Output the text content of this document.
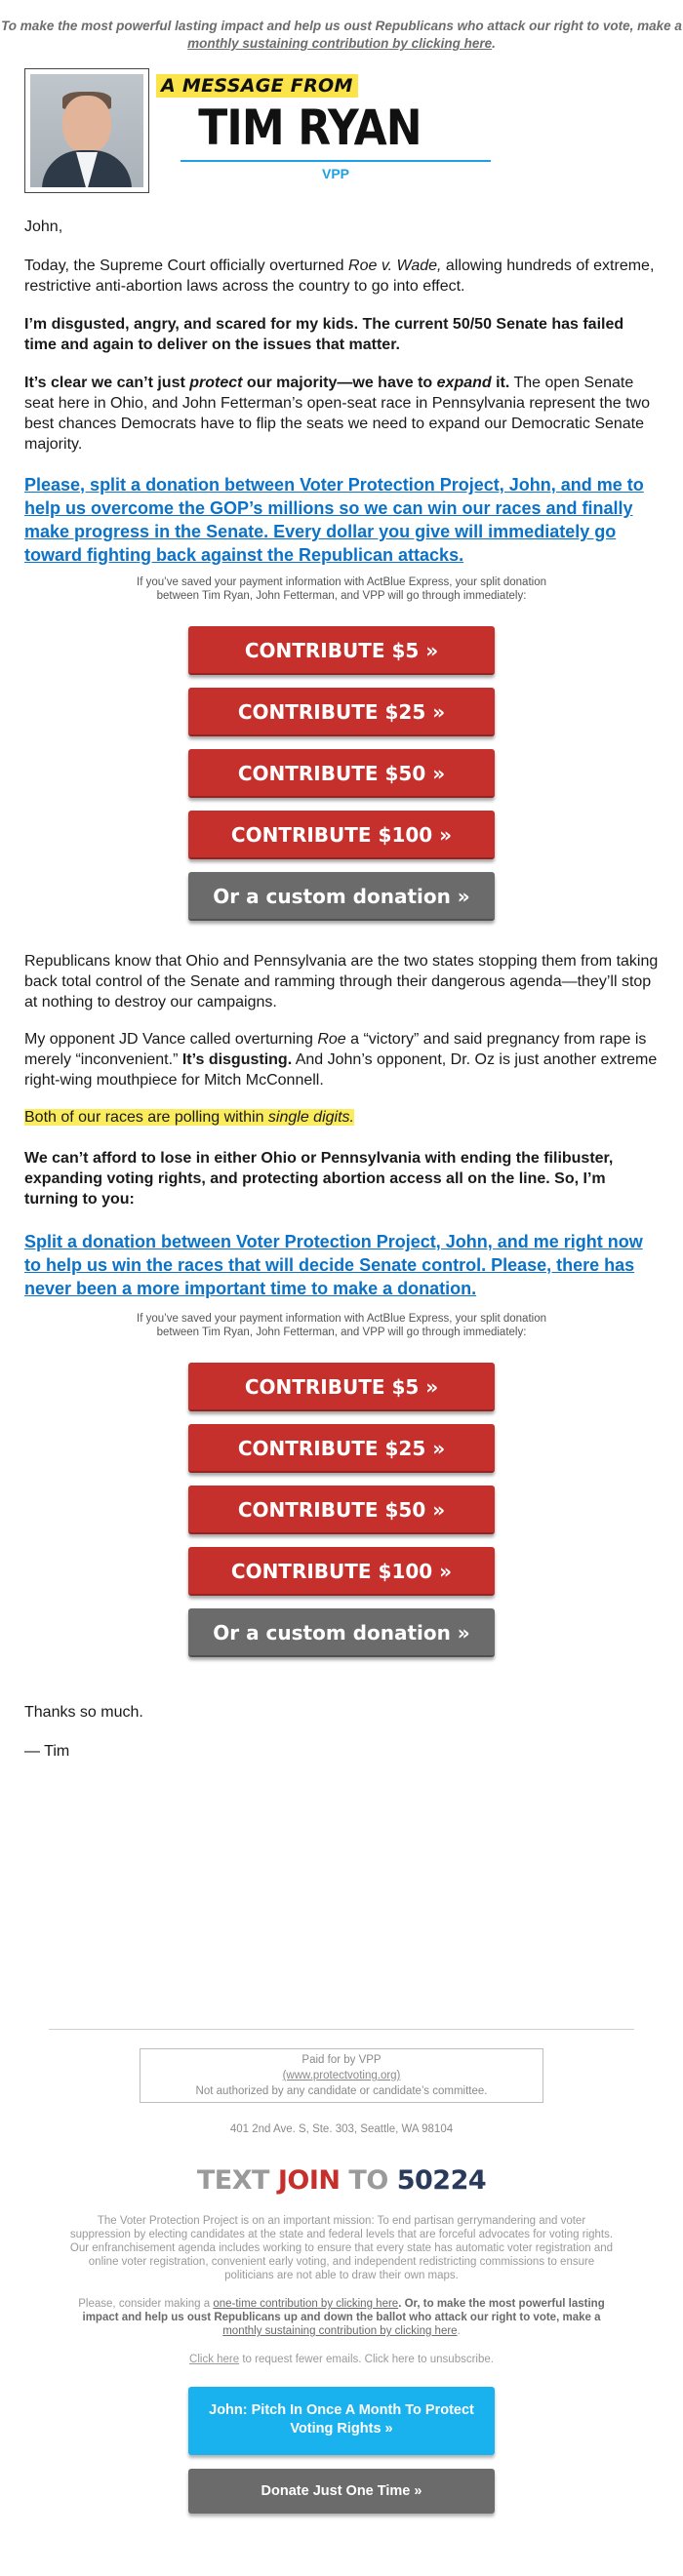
To make the most powerful lasting impact and help us oust Republicans who attack our right to vote, make a monthly sustaining contribution by clicking here.
A MESSAGE FROM
TIM RYAN
VPP
John,
Today, the Supreme Court officially overturned Roe v. Wade, allowing hundreds of extreme, restrictive anti-abortion laws across the country to go into effect.
I’m disgusted, angry, and scared for my kids. The current 50/50 Senate has failed time and again to deliver on the issues that matter.
It’s clear we can’t just protect our majority—we have to expand it. The open Senate seat here in Ohio, and John Fetterman’s open-seat race in Pennsylvania represent the two best chances Democrats have to flip the seats we need to expand our Democratic Senate majority.
Please, split a donation between Voter Protection Project, John, and me to help us overcome the GOP’s millions so we can win our races and finally make progress in the Senate. Every dollar you give will immediately go toward fighting back against the Republican attacks.
If you’ve saved your payment information with ActBlue Express, your split donation between Tim Ryan, John Fetterman, and VPP will go through immediately:
CONTRIBUTE $5 »
CONTRIBUTE $25 »
CONTRIBUTE $50 »
CONTRIBUTE $100 »
Or a custom donation »
Republicans know that Ohio and Pennsylvania are the two states stopping them from taking back total control of the Senate and ramming through their dangerous agenda—they’ll stop at nothing to destroy our campaigns.
My opponent JD Vance called overturning Roe a “victory” and said pregnancy from rape is merely “inconvenient.” It’s disgusting. And John’s opponent, Dr. Oz is just another extreme right-wing mouthpiece for Mitch McConnell.
Both of our races are polling within single digits.
We can’t afford to lose in either Ohio or Pennsylvania with ending the filibuster, expanding voting rights, and protecting abortion access all on the line. So, I’m turning to you:
Split a donation between Voter Protection Project, John, and me right now to help us win the races that will decide Senate control. Please, there has never been a more important time to make a donation.
If you’ve saved your payment information with ActBlue Express, your split donation between Tim Ryan, John Fetterman, and VPP will go through immediately:
CONTRIBUTE $5 »
CONTRIBUTE $25 »
CONTRIBUTE $50 »
CONTRIBUTE $100 »
Or a custom donation »
Thanks so much.
— Tim
Paid for by VPP
(www.protectvoting.org)
Not authorized by any candidate or candidate’s committee.
401 2nd Ave. S, Ste. 303, Seattle, WA 98104
TEXT JOIN TO 50224
The Voter Protection Project is on an important mission: To end partisan gerrymandering and voter suppression by electing candidates at the state and federal levels that are forceful advocates for voting rights. Our enfranchisement agenda includes working to ensure that every state has automatic voter registration and online voter registration, convenient early voting, and independent redistricting commissions to ensure politicians are not able to draw their own maps.
Please, consider making a one-time contribution by clicking here. Or, to make the most powerful lasting impact and help us oust Republicans up and down the ballot who attack our right to vote, make a monthly sustaining contribution by clicking here.
Click here to request fewer emails. Click here to unsubscribe.
John: Pitch In Once A Month To Protect Voting Rights »
Donate Just One Time »
